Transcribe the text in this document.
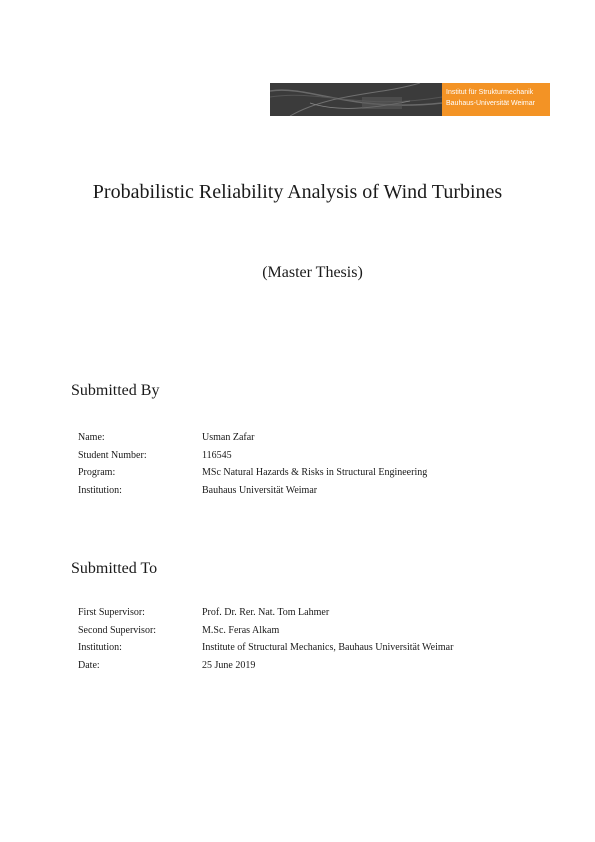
Institut für Strukturmechanik
Bauhaus-Universität Weimar
Probabilistic Reliability Analysis of Wind Turbines
(Master Thesis)
Submitted By
Name:	Usman Zafar
Student Number:	116545
Program:	MSc Natural Hazards & Risks in Structural Engineering
Institution:	Bauhaus Universität Weimar
Submitted To
First Supervisor:	Prof. Dr. Rer. Nat. Tom Lahmer
Second Supervisor:	M.Sc. Feras Alkam
Institution:	Institute of Structural Mechanics, Bauhaus Universität Weimar
Date:	25 June 2019
